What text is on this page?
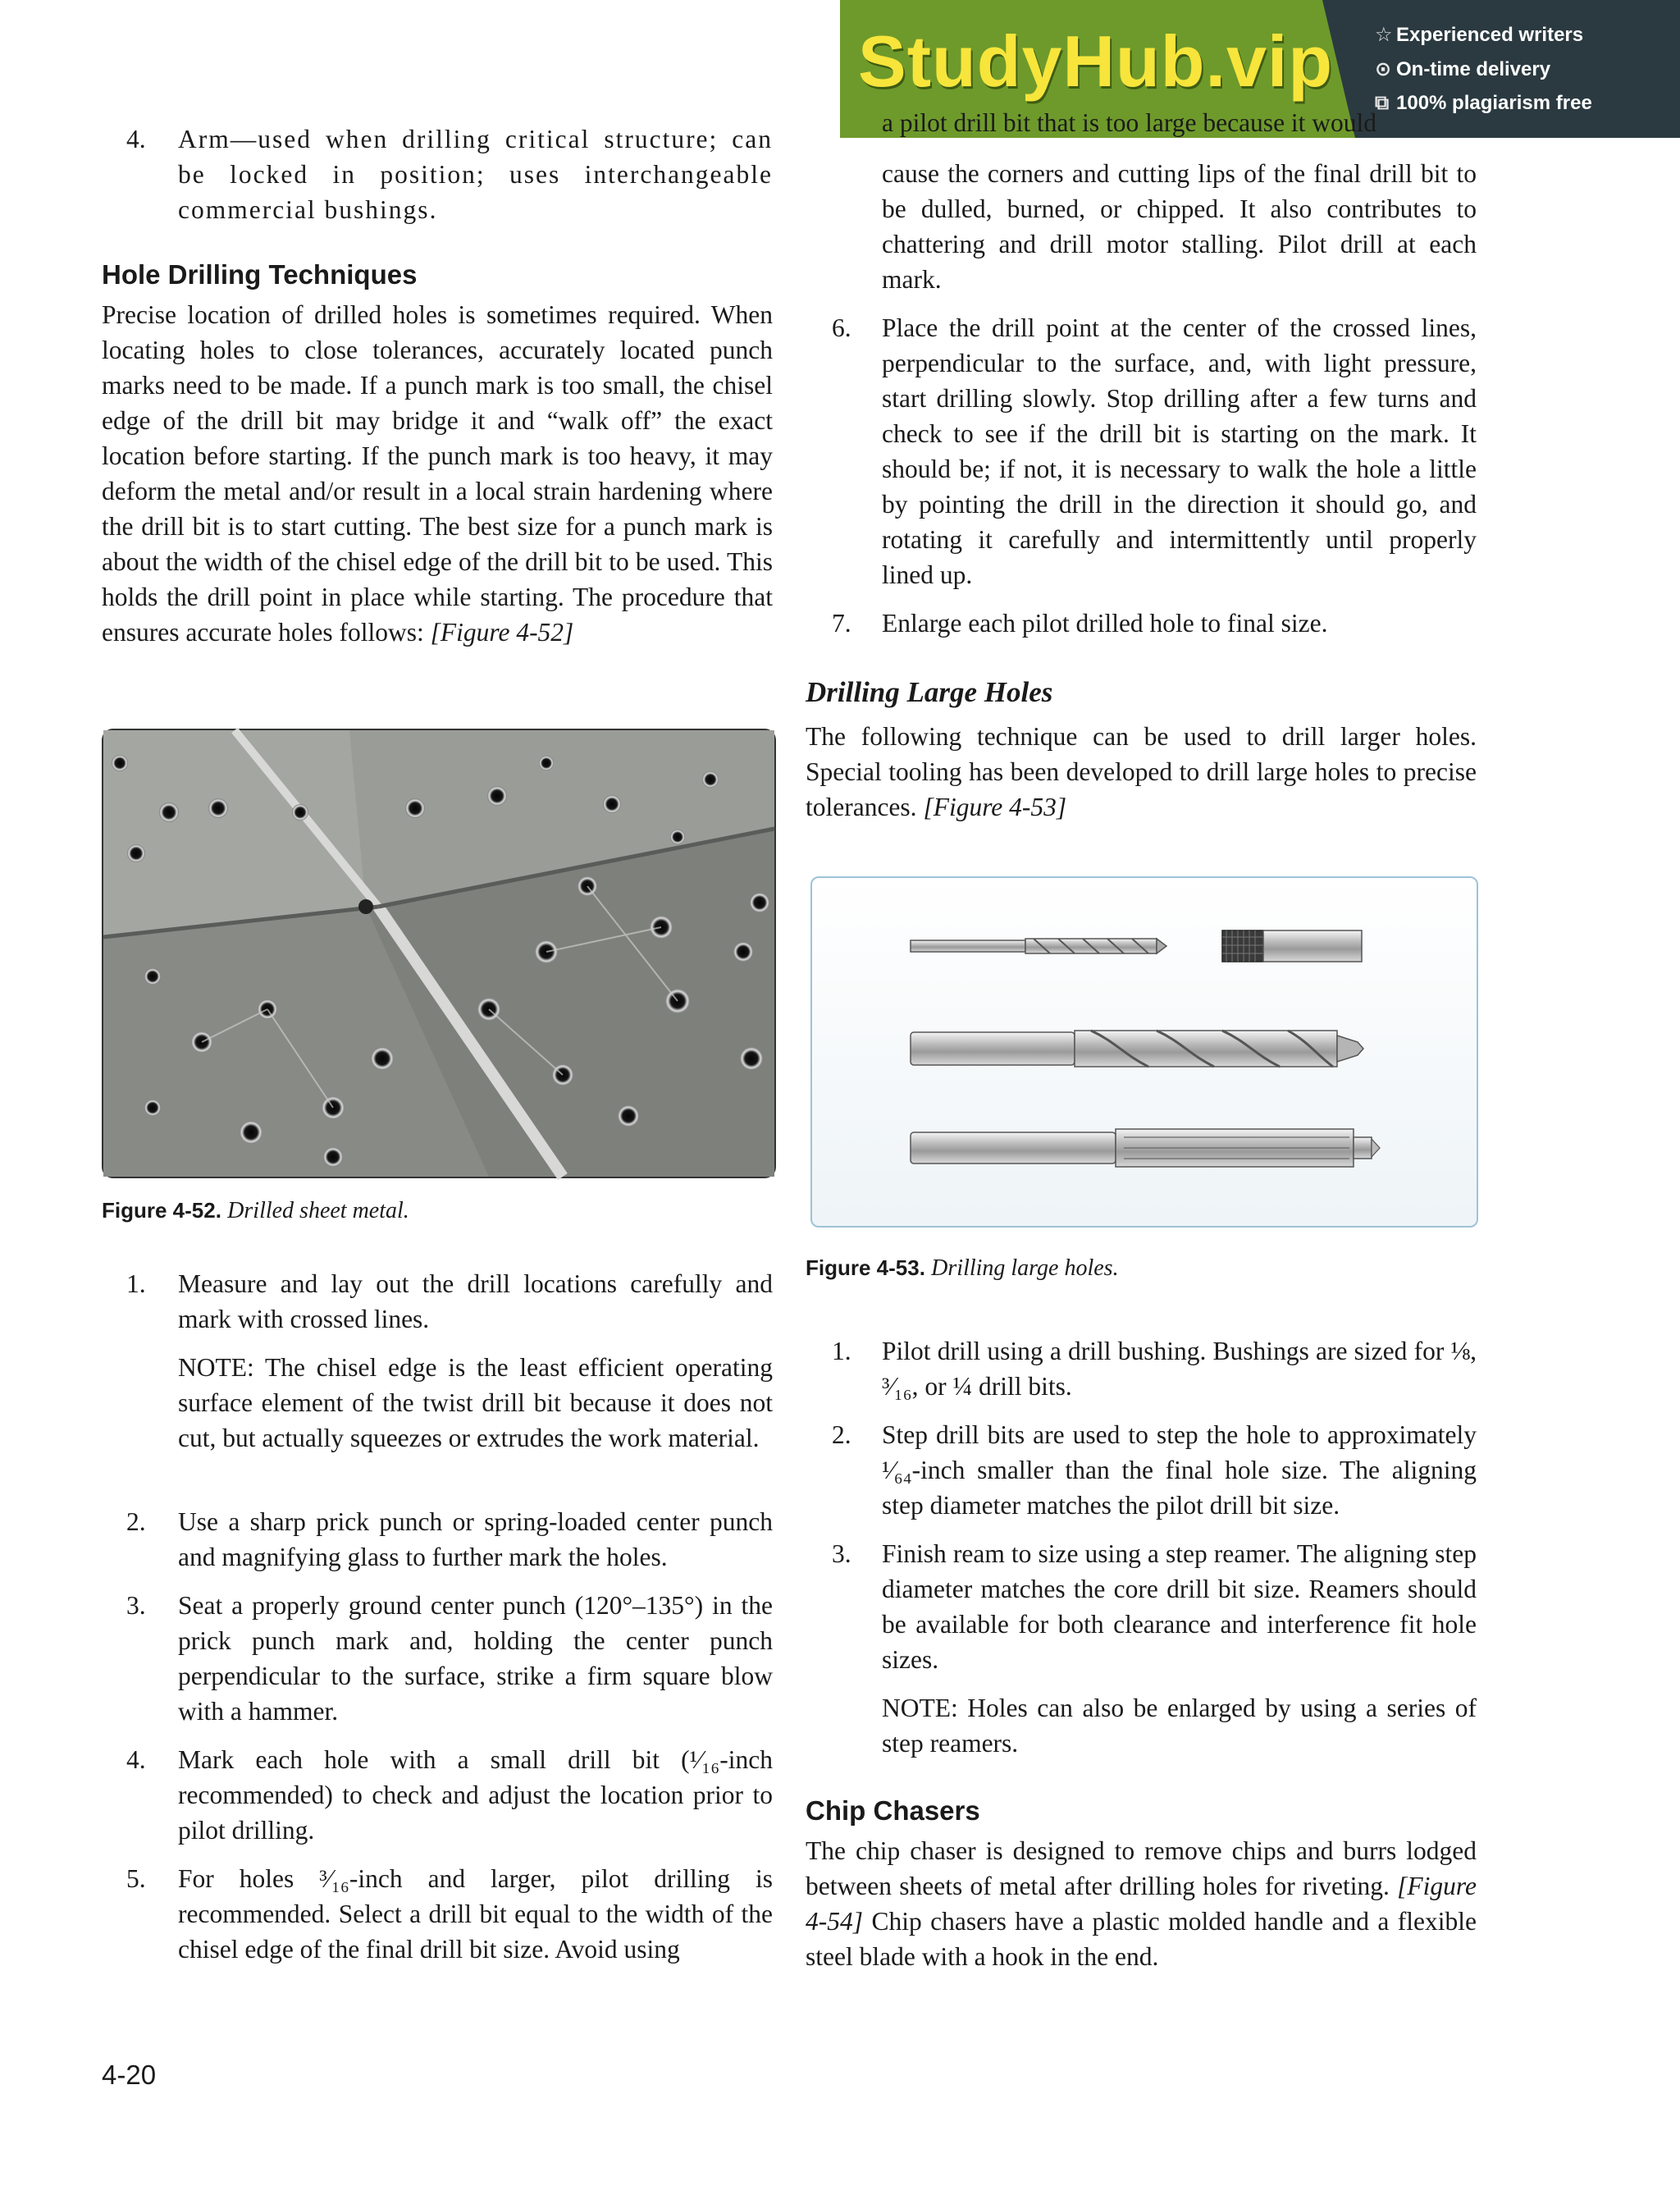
StudyHub.vip ☆ Experienced writers
⊙ On-time delivery
⧉ 100% plagiarism free
4. Arm—used when drilling critical structure; can be locked in position; uses interchangeable commercial bushings.
Hole Drilling Techniques

Precise location of drilled holes is sometimes required. When locating holes to close tolerances, accurately located punch marks need to be made. If a punch mark is too small, the chisel edge of the drill bit may bridge it and “walk off” the exact location before starting. If the punch mark is too heavy, it may deform the metal and/or result in a local strain hardening where the drill bit is to start cutting. The best size for a punch mark is about the width of the chisel edge of the drill bit to be used. This holds the drill point in place while starting. The procedure that ensures accurate holes follows: [Figure 4-52]

Figure 4-52. Drilled sheet metal.
1. Measure and lay out the drill locations carefully and mark with crossed lines.
NOTE: The chisel edge is the least efficient operating surface element of the twist drill bit because it does not cut, but actually squeezes or extrudes the work material.
2. Use a sharp prick punch or spring-loaded center punch and magnifying glass to further mark the holes.
3. Seat a properly ground center punch (120°–135°) in the prick punch mark and, holding the center punch perpendicular to the surface, strike a firm square blow with a hammer.
4. Mark each hole with a small drill bit (¹⁄₁₆-inch recommended) to check and adjust the location prior to pilot drilling.
5. For holes ³⁄₁₆-inch and larger, pilot drilling is recommended. Select a drill bit equal to the width of the chisel edge of the final drill bit size. Avoid using
4-20
a pilot drill bit that is too large because it would

cause the corners and cutting lips of the final drill bit to be dulled, burned, or chipped. It also contributes to chattering and drill motor stalling. Pilot drill at each mark.

6. Place the drill point at the center of the crossed lines, perpendicular to the surface, and, with light pressure, start drilling slowly. Stop drilling after a few turns and check to see if the drill bit is starting on the mark. It should be; if not, it is necessary to walk the hole a little by pointing the drill in the direction it should go, and rotating it carefully and intermittently until properly lined up.
7. Enlarge each pilot drilled hole to final size.
Drilling Large Holes

The following technique can be used to drill larger holes. Special tooling has been developed to drill large holes to precise tolerances. [Figure 4-53]

Figure 4-53. Drilling large holes.
1. Pilot drill using a drill bushing. Bushings are sized for ⅛, ³⁄₁₆, or ¼ drill bits.
2. Step drill bits are used to step the hole to approximately ¹⁄₆₄-inch smaller than the final hole size. The aligning step diameter matches the pilot drill bit size.
3. Finish ream to size using a step reamer. The aligning step diameter matches the core drill bit size. Reamers should be available for both clearance and interference fit hole sizes.
NOTE: Holes can also be enlarged by using a series of step reamers.
Chip Chasers

The chip chaser is designed to remove chips and burrs lodged between sheets of metal after drilling holes for riveting. [Figure 4-54] Chip chasers have a plastic molded handle and a flexible steel blade with a hook in the end.
